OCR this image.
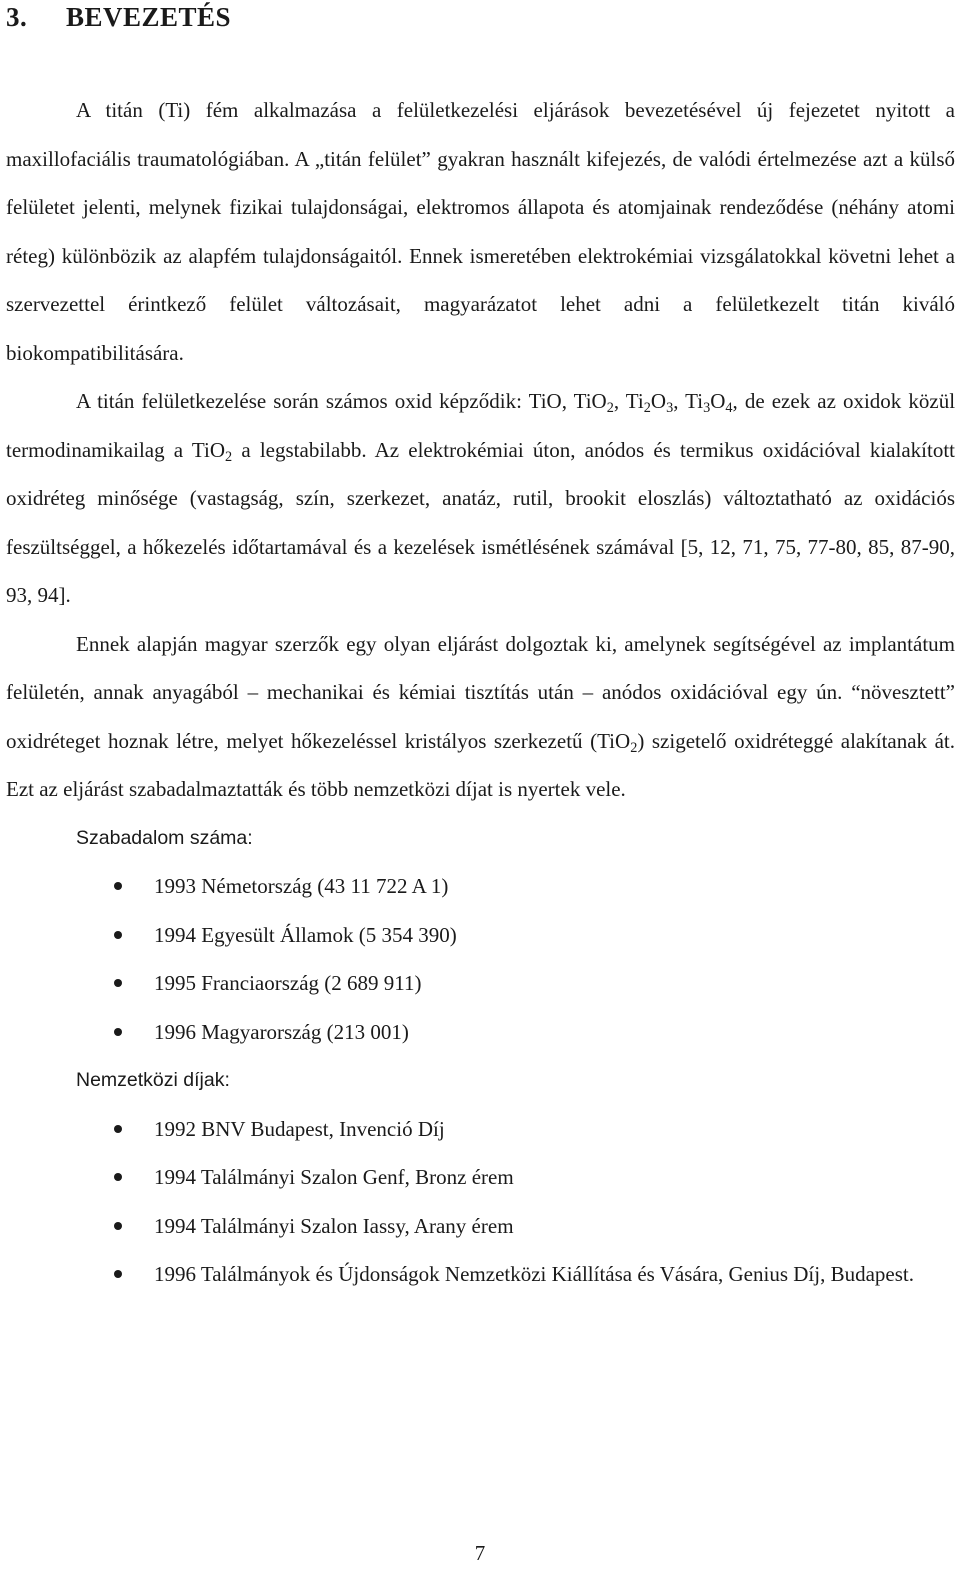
3. BEVEZETÉS

A titán (Ti) fém alkalmazása a felületkezelési eljárások bevezetésével új fejezetet nyitott a maxillofaciális traumatológiában. A „titán felület” gyakran használt kifejezés, de valódi értelmezése azt a külső felületet jelenti, melynek fizikai tulajdonságai, elektromos állapota és atomjainak rendeződése (néhány atomi réteg) különbözik az alapfém tulajdonságaitól. Ennek ismeretében elektrokémiai vizsgálatokkal követni lehet a szervezettel érintkező felület változásait, magyarázatot lehet adni a felületkezelt titán kiváló biokompatibilitására.

A titán felületkezelése során számos oxid képződik: TiO, TiO$_2$, $Ti_2O_3$, $Ti_3O_4$, de ezek az oxidok közül termodinamikailag a TiO$_2$ a legstabilabb. Az elektrokémiai úton, anódos és termikus oxidációval kialakított oxidréteg minősége (vastagság, szín, szerkezet, anatáz, rutil, brookit eloszlás) változtatható az oxidációs feszültséggel, a hőkezelés időtartamával és a kezelések ismétlésének számával [5, 12, 71, 75, 77-80, 85, 87-90, 93, 94].

Ennek alapján magyar szerzők egy olyan eljárást dolgoztak ki, amelynek segítségével az implantátum felületén, annak anyagából – mechanikai és kémiai tisztítás után – anódos oxidációval egy ún. “növesztett” oxidréteget hoznak létre, melyet hőkezeléssel kristályos szerkezetű (TiO$_2$) szigetelő oxidréteggé alakítanak át. Ezt az eljárást szabadalmaztatták és több nemzetközi díjat is nyertek vele.

Szabadalom száma:

1993 Németország (43 11 722 A 1)
1994 Egyesült Államok (5 354 390)
1995 Franciaország (2 689 911)
1996 Magyarország (213 001)

Nemzetközi díjak:

1992 BNV Budapest, Invenció Díj
1994 Találmányi Szalon Genf, Bronz érem
1994 Találmányi Szalon Iassy, Arany érem
1996 Találmányok és Újdonságok Nemzetközi Kiállítása és Vására, Genius Díj, Budapest.
7
